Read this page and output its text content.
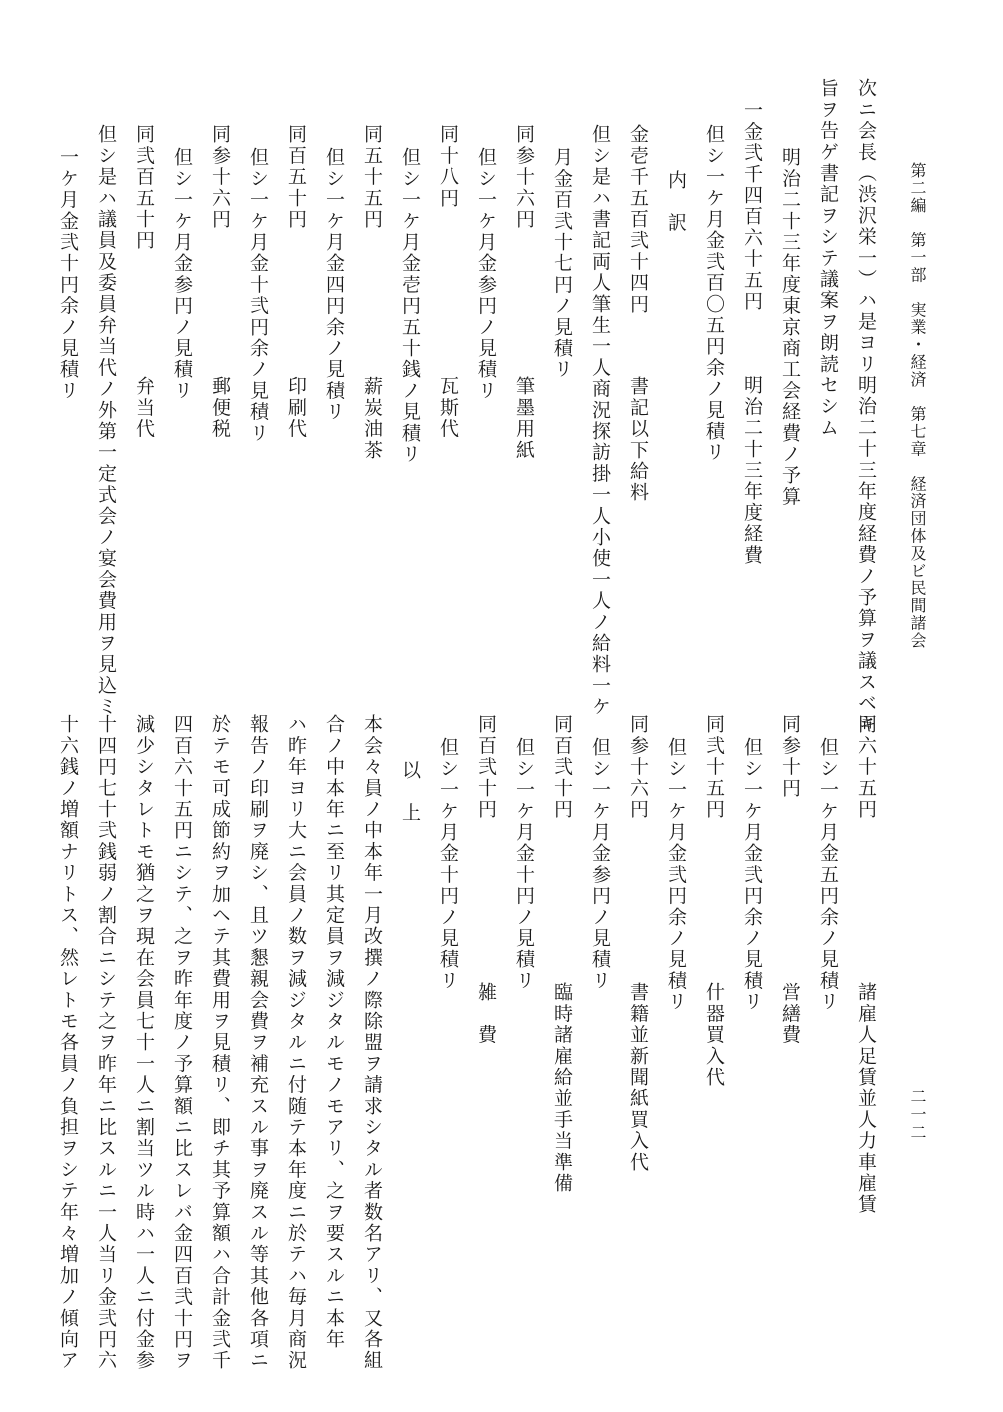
第二編　第一部　実業・経済　第七章　経済団体及ビ民間諸会
二一二
次ニ会長（渋沢栄一）ハ是ヨリ明治二十三年度経費ノ予算ヲ議スベキ
旨ヲ告ゲ書記ヲシテ議案ヲ朗読セシム
明治二十三年度東京商工会経費ノ予算
一金弐千四百六十五円
明治二十三年度経費
但シ一ケ月金弐百〇五円余ノ見積リ
内　訳
金壱千五百弐十四円
書記以下給料
但シ是ハ書記両人筆生一人商況探訪掛一人小使一人ノ給料一ケ
月金百弐十七円ノ見積リ
同参十六円
筆墨用紙
但シ一ケ月金参円ノ見積リ
同十八円
瓦斯代
但シ一ケ月金壱円五十銭ノ見積リ
同五十五円
薪炭油茶
但シ一ケ月金四円余ノ見積リ
同百五十円
印刷代
但シ一ケ月金十弐円余ノ見積リ
同参十六円
郵便税
但シ一ケ月金参円ノ見積リ
同弐百五十円
弁当代
但シ是ハ議員及委員弁当代ノ外第一定式会ノ宴会費用ヲ見込ミ
一ケ月金弐十円余ノ見積リ
同六十五円
諸雇人足賃並人力車雇賃
但シ一ケ月金五円余ノ見積リ
同参十円
営繕費
但シ一ケ月金弐円余ノ見積リ
同弐十五円
什器買入代
但シ一ケ月金弐円余ノ見積リ
同参十六円
書籍並新聞紙買入代
但シ一ケ月金参円ノ見積リ
同百弐十円
臨時諸雇給並手当準備
但シ一ケ月金十円ノ見積リ
同百弐十円
雑　費
但シ一ケ月金十円ノ見積リ
以　上
本会々員ノ中本年一月改撰ノ際除盟ヲ請求シタル者数名アリ、又各組
合ノ中本年ニ至リ其定員ヲ減ジタルモノモアリ、之ヲ要スルニ本年
ハ昨年ヨリ大ニ会員ノ数ヲ減ジタルニ付随テ本年度ニ於テハ毎月商況
報告ノ印刷ヲ廃シ、且ツ懇親会費ヲ補充スル事ヲ廃スル等其他各項ニ
於テモ可成節約ヲ加ヘテ其費用ヲ見積リ、即チ其予算額ハ合計金弐千
四百六十五円ニシテ、之ヲ昨年度ノ予算額ニ比スレバ金四百弐十円ヲ
減少シタレトモ猶之ヲ現在会員七十一人ニ割当ツル時ハ一人ニ付金参
十四円七十弐銭弱ノ割合ニシテ之ヲ昨年ニ比スルニ一人当リ金弐円六
十六銭ノ増額ナリトス、然レトモ各員ノ負担ヲシテ年々増加ノ傾向ア
